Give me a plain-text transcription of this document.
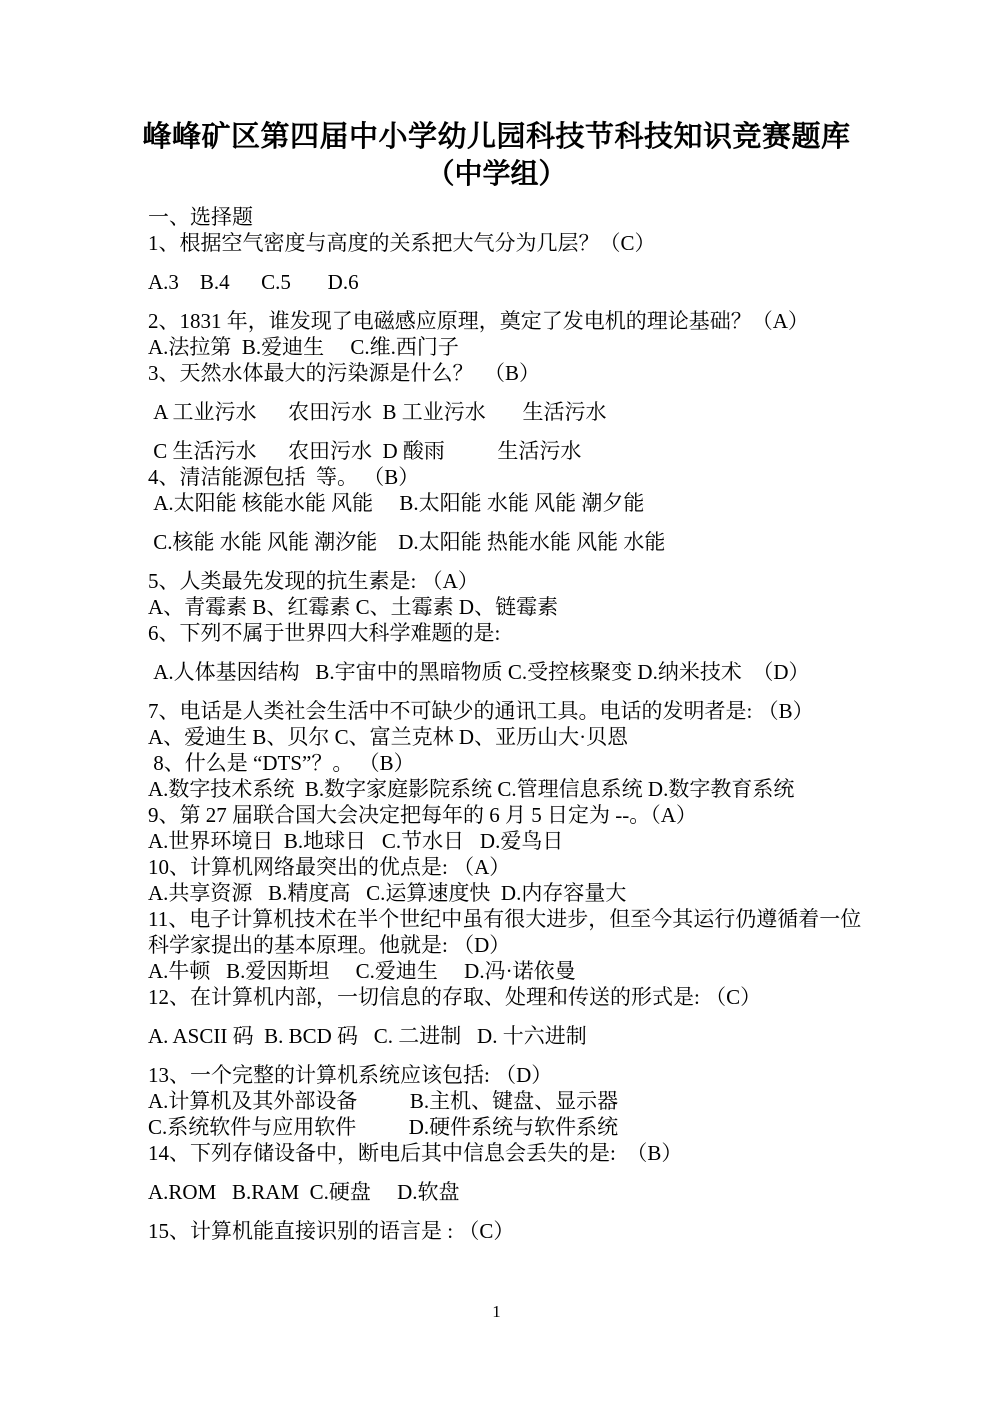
峰峰矿区第四届中小学幼儿园科技节科技知识竞赛题库
（中学组）
一、选择题
1、根据空气密度与高度的关系把大气分为几层？（C）
A.3    B.4      C.5       D.6
2、1831 年，谁发现了电磁感应原理，奠定了发电机的理论基础？（A）
A.法拉第  B.爱迪生     C.维.西门子
3、天然水体最大的污染源是什么？  （B）
A 工业污水      农田污水  B 工业污水       生活污水
C 生活污水      农田污水  D 酸雨          生活污水
4、清洁能源包括  等。 （B）
A.太阳能 核能水能 风能     B.太阳能 水能 风能 潮夕能
C.核能 水能 风能 潮汐能    D.太阳能 热能水能 风能 水能
5、人类最先发现的抗生素是: （A）
A、青霉素 B、红霉素 C、土霉素 D、链霉素
6、下列不属于世界四大科学难题的是:
A.人体基因结构   B.宇宙中的黑暗物质 C.受控核聚变 D.纳米技术  （D）
7、电话是人类社会生活中不可缺少的通讯工具。电话的发明者是: （B）
A、爱迪生 B、贝尔 C、富兰克林 D、亚历山大·贝恩
8、什么是 “DTS”？。 （B）
A.数字技术系统  B.数字家庭影院系统 C.管理信息系统 D.数字教育系统
9、第 27 届联合国大会决定把每年的 6 月 5 日定为 --。（A）
A.世界环境日  B.地球日   C.节水日   D.爱鸟日
10、计算机网络最突出的优点是: （A）
A.共享资源   B.精度高   C.运算速度快  D.内存容量大
11、电子计算机技术在半个世纪中虽有很大进步，但至今其运行仍遵循着一位
科学家提出的基本原理。他就是: （D）
A.牛顿   B.爱因斯坦     C.爱迪生     D.冯·诺依曼
12、在计算机内部，一切信息的存取、处理和传送的形式是: （C）
A. ASCII 码  B. BCD 码   C. 二进制   D. 十六进制
13、一个完整的计算机系统应该包括: （D）
A.计算机及其外部设备          B.主机、键盘、显示器
C.系统软件与应用软件          D.硬件系统与软件系统
14、下列存储设备中，断电后其中信息会丢失的是:  （B）
A.ROM   B.RAM  C.硬盘     D.软盘
15、计算机能直接识别的语言是 : （C）
1
